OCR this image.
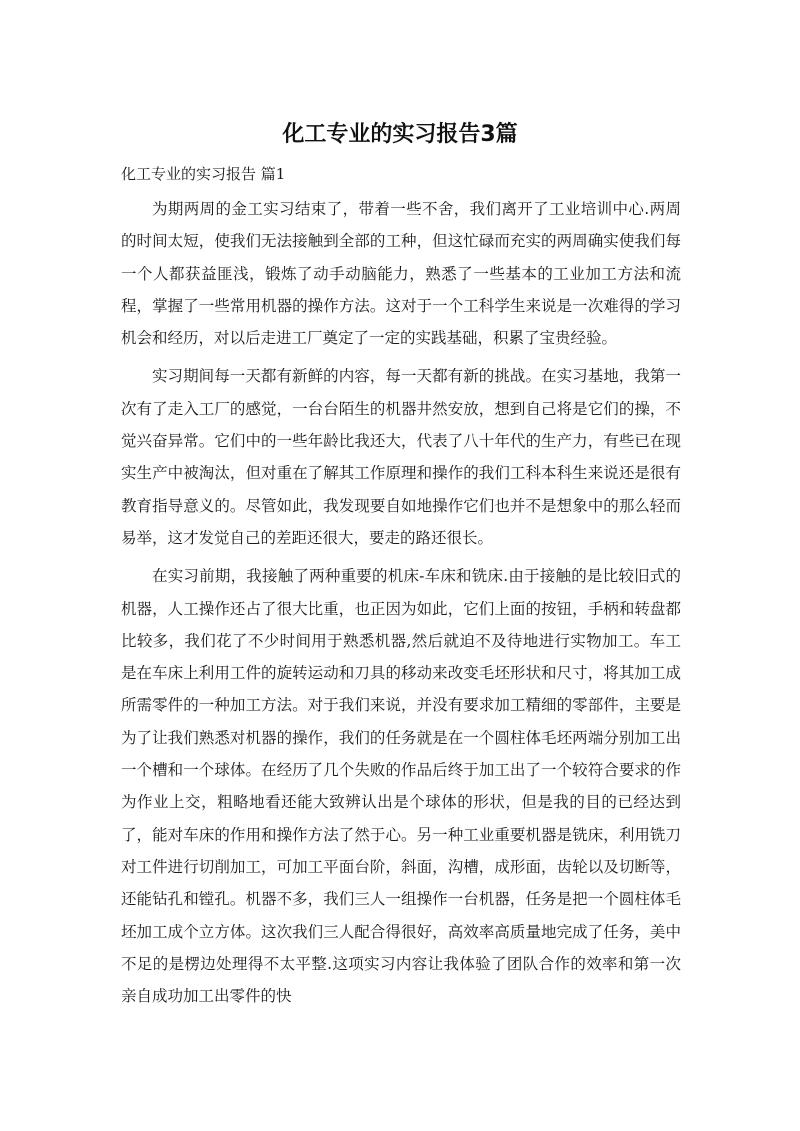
化工专业的实习报告3篇
化工专业的实习报告 篇1

为期两周的金工实习结束了，带着一些不舍，我们离开了工业培训中心.两周的时间太短，使我们无法接触到全部的工种，但这忙碌而充实的两周确实使我们每一个人都获益匪浅，锻炼了动手动脑能力，熟悉了一些基本的工业加工方法和流程，掌握了一些常用机器的操作方法。这对于一个工科学生来说是一次难得的学习机会和经历，对以后走进工厂奠定了一定的实践基础，积累了宝贵经验。

实习期间每一天都有新鲜的内容，每一天都有新的挑战。在实习基地，我第一次有了走入工厂的感觉，一台台陌生的机器井然安放，想到自己将是它们的操，不觉兴奋异常。它们中的一些年龄比我还大，代表了八十年代的生产力，有些已在现实生产中被淘汰，但对重在了解其工作原理和操作的我们工科本科生来说还是很有教育指导意义的。尽管如此，我发现要自如地操作它们也并不是想象中的那么轻而易举，这才发觉自己的差距还很大，要走的路还很长。

在实习前期，我接触了两种重要的机床-车床和铣床.由于接触的是比较旧式的机器，人工操作还占了很大比重，也正因为如此，它们上面的按钮，手柄和转盘都比较多，我们花了不少时间用于熟悉机器,然后就迫不及待地进行实物加工。车工是在车床上利用工件的旋转运动和刀具的移动来改变毛坯形状和尺寸，将其加工成所需零件的一种加工方法。对于我们来说，并没有要求加工精细的零部件，主要是为了让我们熟悉对机器的操作，我们的任务就是在一个圆柱体毛坯两端分别加工出一个槽和一个球体。在经历了几个失败的作品后终于加工出了一个较符合要求的作为作业上交，粗略地看还能大致辨认出是个球体的形状，但是我的目的已经达到了，能对车床的作用和操作方法了然于心。另一种工业重要机器是铣床，利用铣刀对工件进行切削加工，可加工平面台阶，斜面，沟槽，成形面，齿轮以及切断等，还能钻孔和镗孔。机器不多，我们三人一组操作一台机器，任务是把一个圆柱体毛坯加工成个立方体。这次我们三人配合得很好，高效率高质量地完成了任务，美中不足的是楞边处理得不太平整.这项实习内容让我体验了团队合作的效率和第一次亲自成功加工出零件的快
